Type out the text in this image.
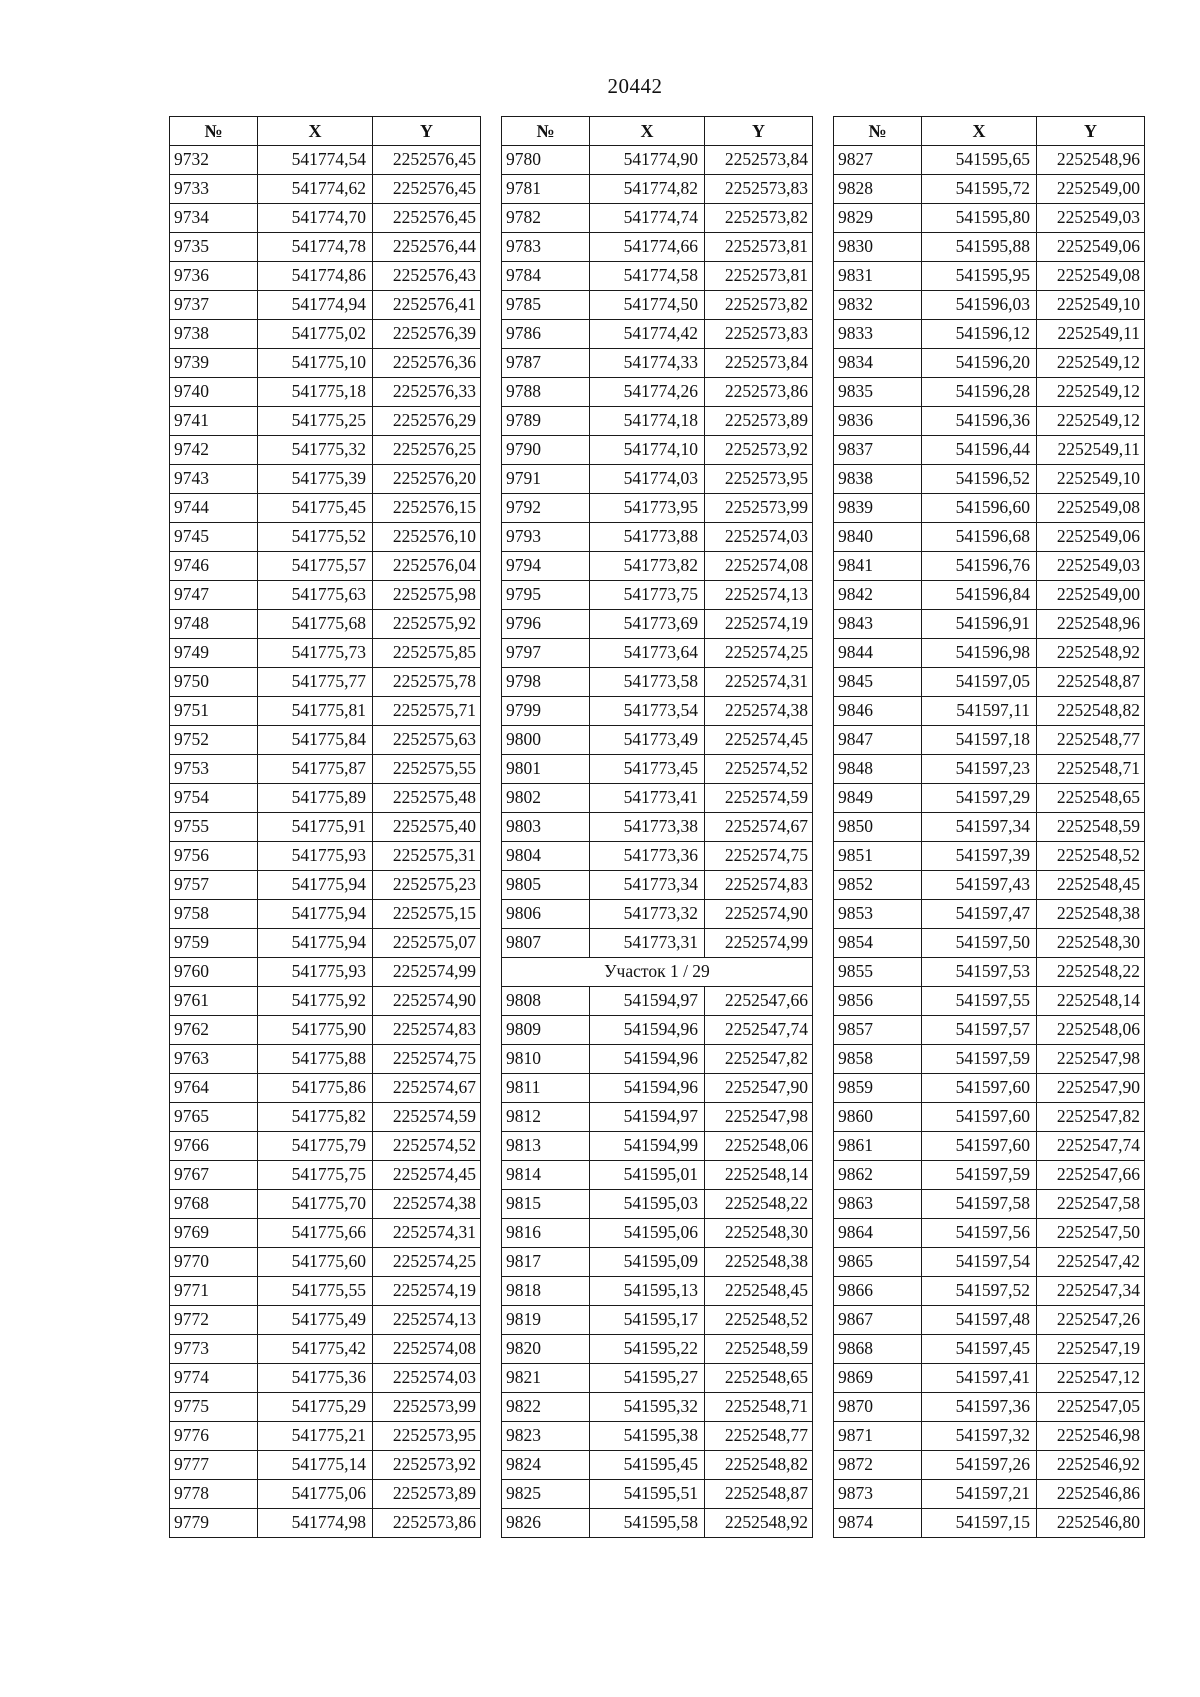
20442
№	X	Y
9732	541774,54	2252576,45
9733	541774,62	2252576,45
9734	541774,70	2252576,45
9735	541774,78	2252576,44
9736	541774,86	2252576,43
9737	541774,94	2252576,41
9738	541775,02	2252576,39
9739	541775,10	2252576,36
9740	541775,18	2252576,33
9741	541775,25	2252576,29
9742	541775,32	2252576,25
9743	541775,39	2252576,20
9744	541775,45	2252576,15
9745	541775,52	2252576,10
9746	541775,57	2252576,04
9747	541775,63	2252575,98
9748	541775,68	2252575,92
9749	541775,73	2252575,85
9750	541775,77	2252575,78
9751	541775,81	2252575,71
9752	541775,84	2252575,63
9753	541775,87	2252575,55
9754	541775,89	2252575,48
9755	541775,91	2252575,40
9756	541775,93	2252575,31
9757	541775,94	2252575,23
9758	541775,94	2252575,15
9759	541775,94	2252575,07
9760	541775,93	2252574,99
9761	541775,92	2252574,90
9762	541775,90	2252574,83
9763	541775,88	2252574,75
9764	541775,86	2252574,67
9765	541775,82	2252574,59
9766	541775,79	2252574,52
9767	541775,75	2252574,45
9768	541775,70	2252574,38
9769	541775,66	2252574,31
9770	541775,60	2252574,25
9771	541775,55	2252574,19
9772	541775,49	2252574,13
9773	541775,42	2252574,08
9774	541775,36	2252574,03
9775	541775,29	2252573,99
9776	541775,21	2252573,95
9777	541775,14	2252573,92
9778	541775,06	2252573,89
9779	541774,98	2252573,86
№	X	Y
9780	541774,90	2252573,84
9781	541774,82	2252573,83
9782	541774,74	2252573,82
9783	541774,66	2252573,81
9784	541774,58	2252573,81
9785	541774,50	2252573,82
9786	541774,42	2252573,83
9787	541774,33	2252573,84
9788	541774,26	2252573,86
9789	541774,18	2252573,89
9790	541774,10	2252573,92
9791	541774,03	2252573,95
9792	541773,95	2252573,99
9793	541773,88	2252574,03
9794	541773,82	2252574,08
9795	541773,75	2252574,13
9796	541773,69	2252574,19
9797	541773,64	2252574,25
9798	541773,58	2252574,31
9799	541773,54	2252574,38
9800	541773,49	2252574,45
9801	541773,45	2252574,52
9802	541773,41	2252574,59
9803	541773,38	2252574,67
9804	541773,36	2252574,75
9805	541773,34	2252574,83
9806	541773,32	2252574,90
9807	541773,31	2252574,99
Участок 1 / 29		
9808	541594,97	2252547,66
9809	541594,96	2252547,74
9810	541594,96	2252547,82
9811	541594,96	2252547,90
9812	541594,97	2252547,98
9813	541594,99	2252548,06
9814	541595,01	2252548,14
9815	541595,03	2252548,22
9816	541595,06	2252548,30
9817	541595,09	2252548,38
9818	541595,13	2252548,45
9819	541595,17	2252548,52
9820	541595,22	2252548,59
9821	541595,27	2252548,65
9822	541595,32	2252548,71
9823	541595,38	2252548,77
9824	541595,45	2252548,82
9825	541595,51	2252548,87
9826	541595,58	2252548,92
№	X	Y
9827	541595,65	2252548,96
9828	541595,72	2252549,00
9829	541595,80	2252549,03
9830	541595,88	2252549,06
9831	541595,95	2252549,08
9832	541596,03	2252549,10
9833	541596,12	2252549,11
9834	541596,20	2252549,12
9835	541596,28	2252549,12
9836	541596,36	2252549,12
9837	541596,44	2252549,11
9838	541596,52	2252549,10
9839	541596,60	2252549,08
9840	541596,68	2252549,06
9841	541596,76	2252549,03
9842	541596,84	2252549,00
9843	541596,91	2252548,96
9844	541596,98	2252548,92
9845	541597,05	2252548,87
9846	541597,11	2252548,82
9847	541597,18	2252548,77
9848	541597,23	2252548,71
9849	541597,29	2252548,65
9850	541597,34	2252548,59
9851	541597,39	2252548,52
9852	541597,43	2252548,45
9853	541597,47	2252548,38
9854	541597,50	2252548,30
9855	541597,53	2252548,22
9856	541597,55	2252548,14
9857	541597,57	2252548,06
9858	541597,59	2252547,98
9859	541597,60	2252547,90
9860	541597,60	2252547,82
9861	541597,60	2252547,74
9862	541597,59	2252547,66
9863	541597,58	2252547,58
9864	541597,56	2252547,50
9865	541597,54	2252547,42
9866	541597,52	2252547,34
9867	541597,48	2252547,26
9868	541597,45	2252547,19
9869	541597,41	2252547,12
9870	541597,36	2252547,05
9871	541597,32	2252546,98
9872	541597,26	2252546,92
9873	541597,21	2252546,86
9874	541597,15	2252546,80
